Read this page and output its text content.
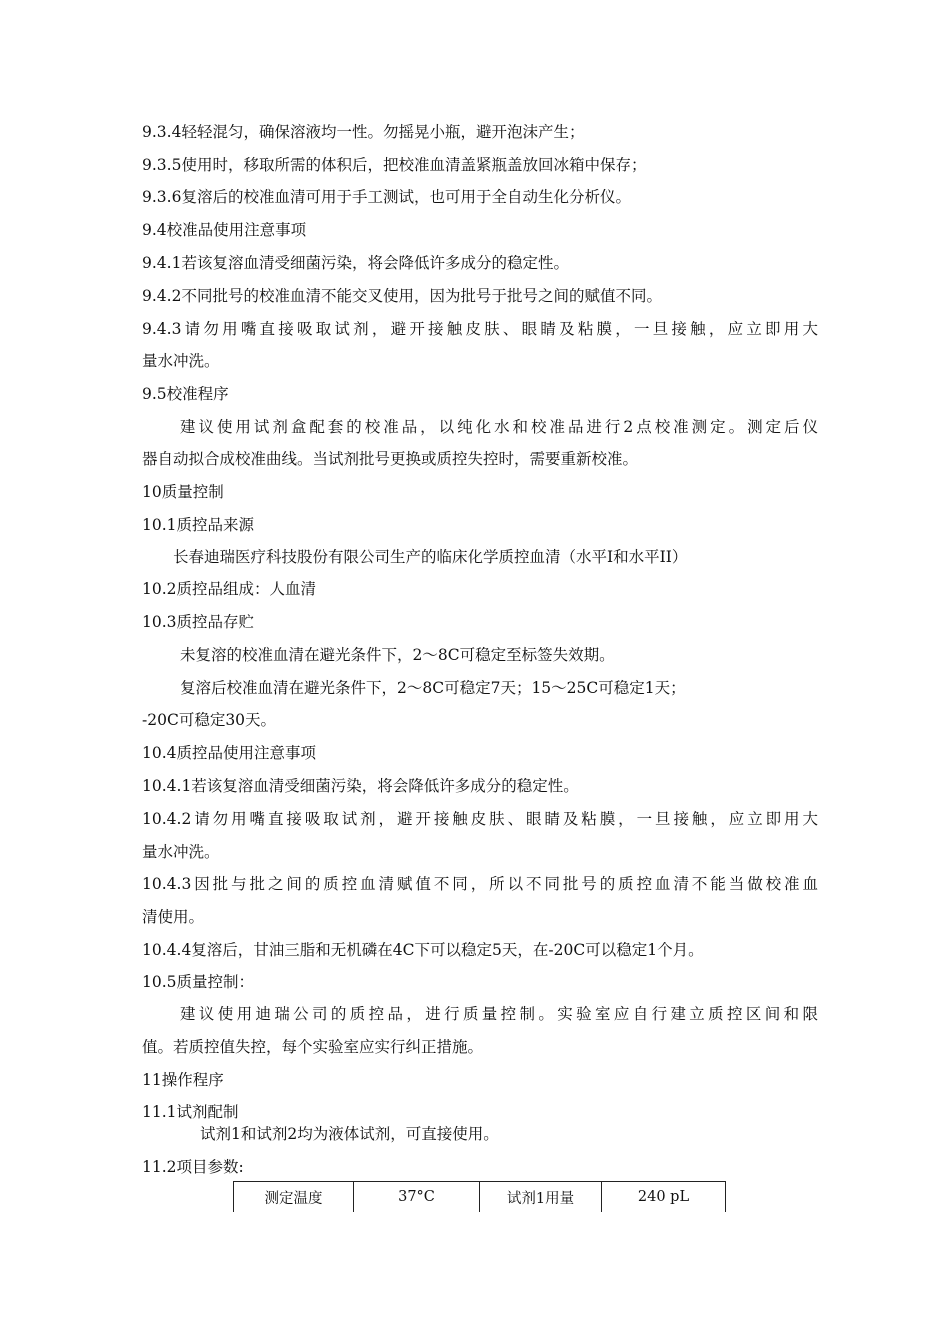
9.3.4轻轻混匀，确保溶液均一性。勿摇晃小瓶，避开泡沫产生；
9.3.5使用时，移取所需的体积后，把校准血清盖紧瓶盖放回冰箱中保存；
9.3.6复溶后的校准血清可用于手工测试，也可用于全自动生化分析仪。
9.4校准品使用注意事项
9.4.1若该复溶血清受细菌污染，将会降低许多成分的稳定性。
9.4.2不同批号的校准血清不能交叉使用，因为批号于批号之间的赋值不同。
9.4.3请勿用嘴直接吸取试剂，避开接触皮肤、眼睛及粘膜，一旦接触，应立即用大
量水冲洗。
9.5校准程序
建议使用试剂盒配套的校准品，以纯化水和校准品进行2点校准测定。测定后仪
器自动拟合成校准曲线。当试剂批号更换或质控失控时，需要重新校准。
10质量控制
10.1质控品来源
长春迪瑞医疗科技股份有限公司生产的临床化学质控血清（水平I和水平II）
10.2质控品组成：人血清
10.3质控品存贮
未复溶的校准血清在避光条件下，2〜8C可稳定至标签失效期。
复溶后校准血清在避光条件下，2〜8C可稳定7天；15〜25C可稳定1天；
-20C可稳定30天。
10.4质控品使用注意事项
10.4.1若该复溶血清受细菌污染，将会降低许多成分的稳定性。
10.4.2请勿用嘴直接吸取试剂，避开接触皮肤、眼睛及粘膜，一旦接触，应立即用大
量水冲洗。
10.4.3因批与批之间的质控血清赋值不同，所以不同批号的质控血清不能当做校准血
清使用。
10.4.4复溶后，甘油三脂和无机磷在4C下可以稳定5天，在-20C可以稳定1个月。
10.5质量控制：
建议使用迪瑞公司的质控品，进行质量控制。实验室应自行建立质控区间和限
值。若质控值失控，每个实验室应实行纠正措施。
11操作程序
11.1试剂配制
试剂1和试剂2均为液体试剂，可直接使用。
11.2项目参数:
测定温度	37°C	试剂1用量	240 pL
